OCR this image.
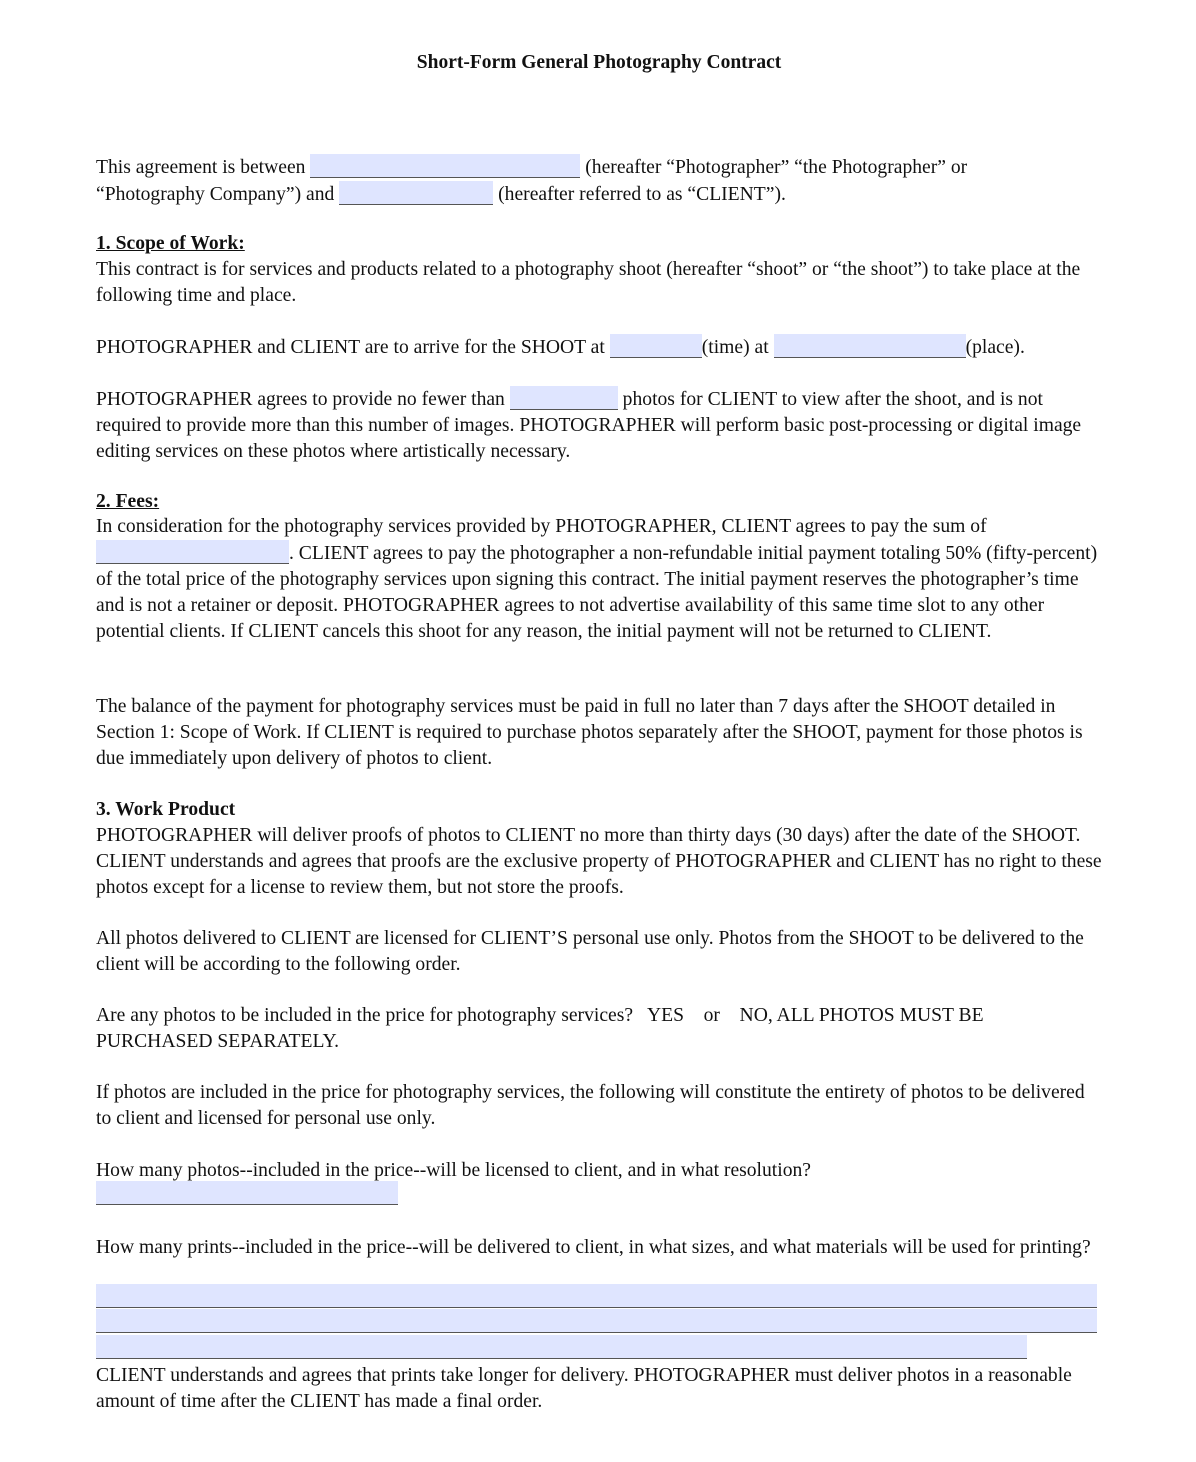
Short-Form General Photography Contract
This agreement is between	(hereafter “Photographer” “the Photographer” or
“Photography Company”) and	(hereafter referred to as “CLIENT”).
1. Scope of Work:
This contract is for services and products related to a photography shoot (hereafter “shoot” or “the shoot”) to take place at the following time and place.
PHOTOGRAPHER and CLIENT are to arrive for the SHOOT at	(time) at	(place).
PHOTOGRAPHER agrees to provide no fewer than	photos for CLIENT to view after the shoot, and is not required to provide more than this number of images. PHOTOGRAPHER will perform basic post-processing or digital image editing services on these photos where artistically necessary.
2. Fees:
In consideration for the photography services provided by PHOTOGRAPHER, CLIENT agrees to pay the sum of . CLIENT agrees to pay the photographer a non-refundable initial payment totaling 50% (fifty-percent) of the total price of the photography services upon signing this contract. The initial payment reserves the photographer’s time and is not a retainer or deposit. PHOTOGRAPHER agrees to not advertise availability of this same time slot to any other potential clients. If CLIENT cancels this shoot for any reason, the initial payment will not be returned to CLIENT.
The balance of the payment for photography services must be paid in full no later than 7 days after the SHOOT detailed in Section 1: Scope of Work. If CLIENT is required to purchase photos separately after the SHOOT, payment for those photos is due immediately upon delivery of photos to client.
3. Work Product
PHOTOGRAPHER will deliver proofs of photos to CLIENT no more than thirty days (30 days) after the date of the SHOOT. CLIENT understands and agrees that proofs are the exclusive property of PHOTOGRAPHER and CLIENT has no right to these photos except for a license to review them, but not store the proofs.
All photos delivered to CLIENT are licensed for CLIENT’S personal use only. Photos from the SHOOT to be delivered to the client will be according to the following order.
Are any photos to be included in the price for photography services? YES or NO, ALL PHOTOS MUST BE PURCHASED SEPARATELY.
If photos are included in the price for photography services, the following will constitute the entirety of photos to be delivered to client and licensed for personal use only.
How many photos--included in the price--will be licensed to client, and in what resolution?
How many prints--included in the price--will be delivered to client, in what sizes, and what materials will be used for printing?
CLIENT understands and agrees that prints take longer for delivery. PHOTOGRAPHER must deliver photos in a reasonable amount of time after the CLIENT has made a final order.
